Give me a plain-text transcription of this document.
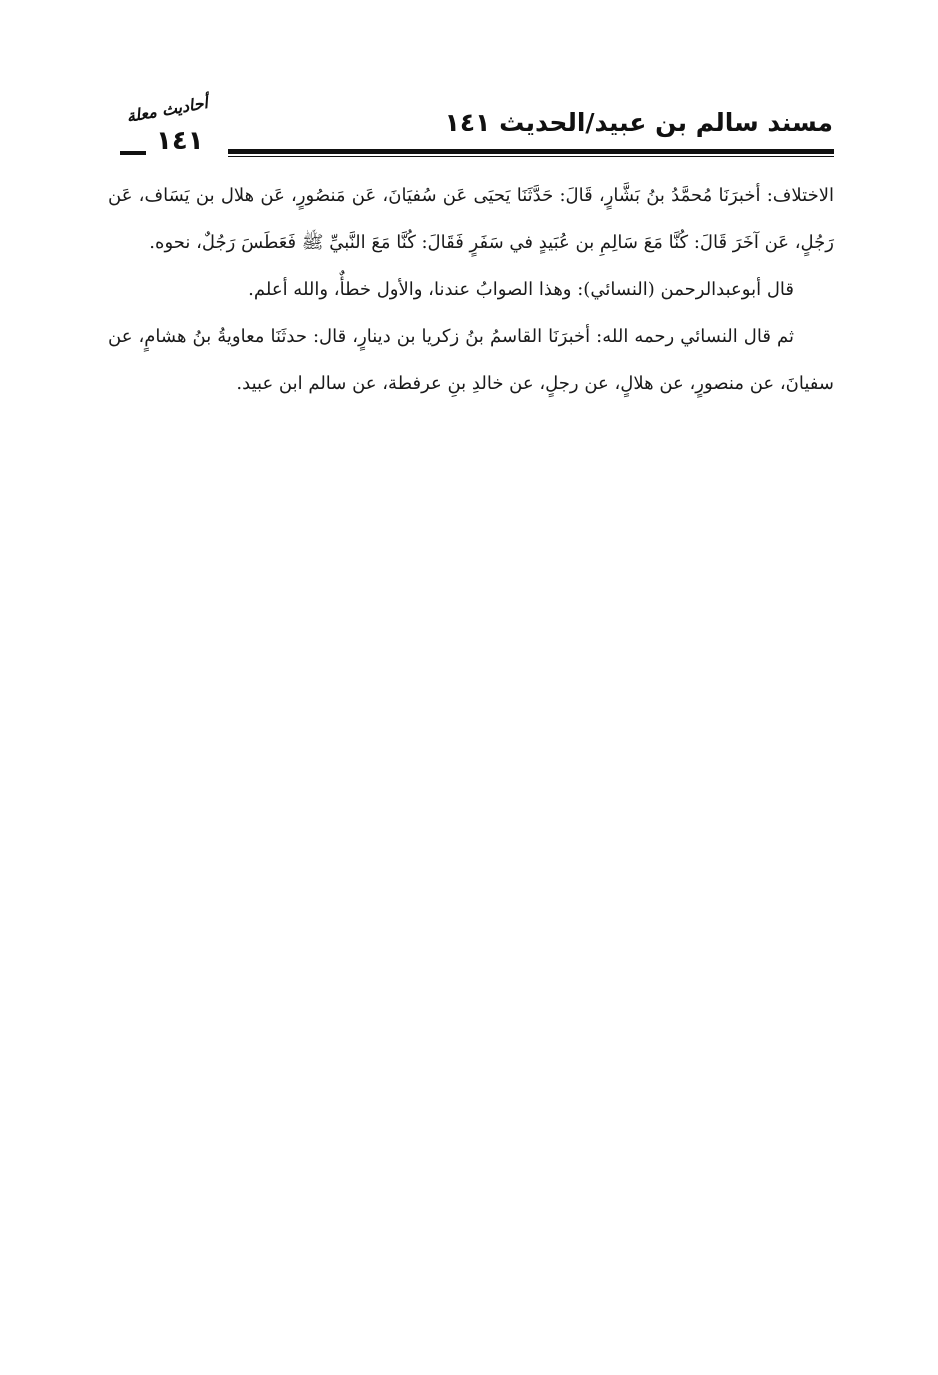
مسند سالم بن عبيد/الحديث ١٤١
أحاديث معلة
١٤١

الاختلاف: أخبرَنَا مُحمَّدُ بنُ بَشَّارٍ، قَالَ: حَدَّثَنَا يَحيَى عَن سُفيَانَ، عَن مَنصُورٍ، عَن هلال بن يَسَاف، عَن رَجُلٍ، عَن آخَرَ قَالَ: كُنَّا مَعَ سَالِمِ بن عُبَيدٍ في سَفَرٍ فَقَالَ: كُنَّا مَعَ النَّبيِّ ﷺ فَعَطَسَ رَجُلٌ، نحوه.

قال أبوعبدالرحمن (النسائي): وهذا الصوابُ عندنا، والأول خطأٌ، والله أعلم.

ثم قال النسائي رحمه الله: أخبرَنَا القاسمُ بنُ زكريا بن دينارٍ، قال: حدثَنَا معاويةُ بنُ هشامٍ، عن سفيانَ، عن منصورٍ، عن هلالٍ، عن رجلٍ، عن خالدِ بنِ عرفطة، عن سالم ابن عبيد.
